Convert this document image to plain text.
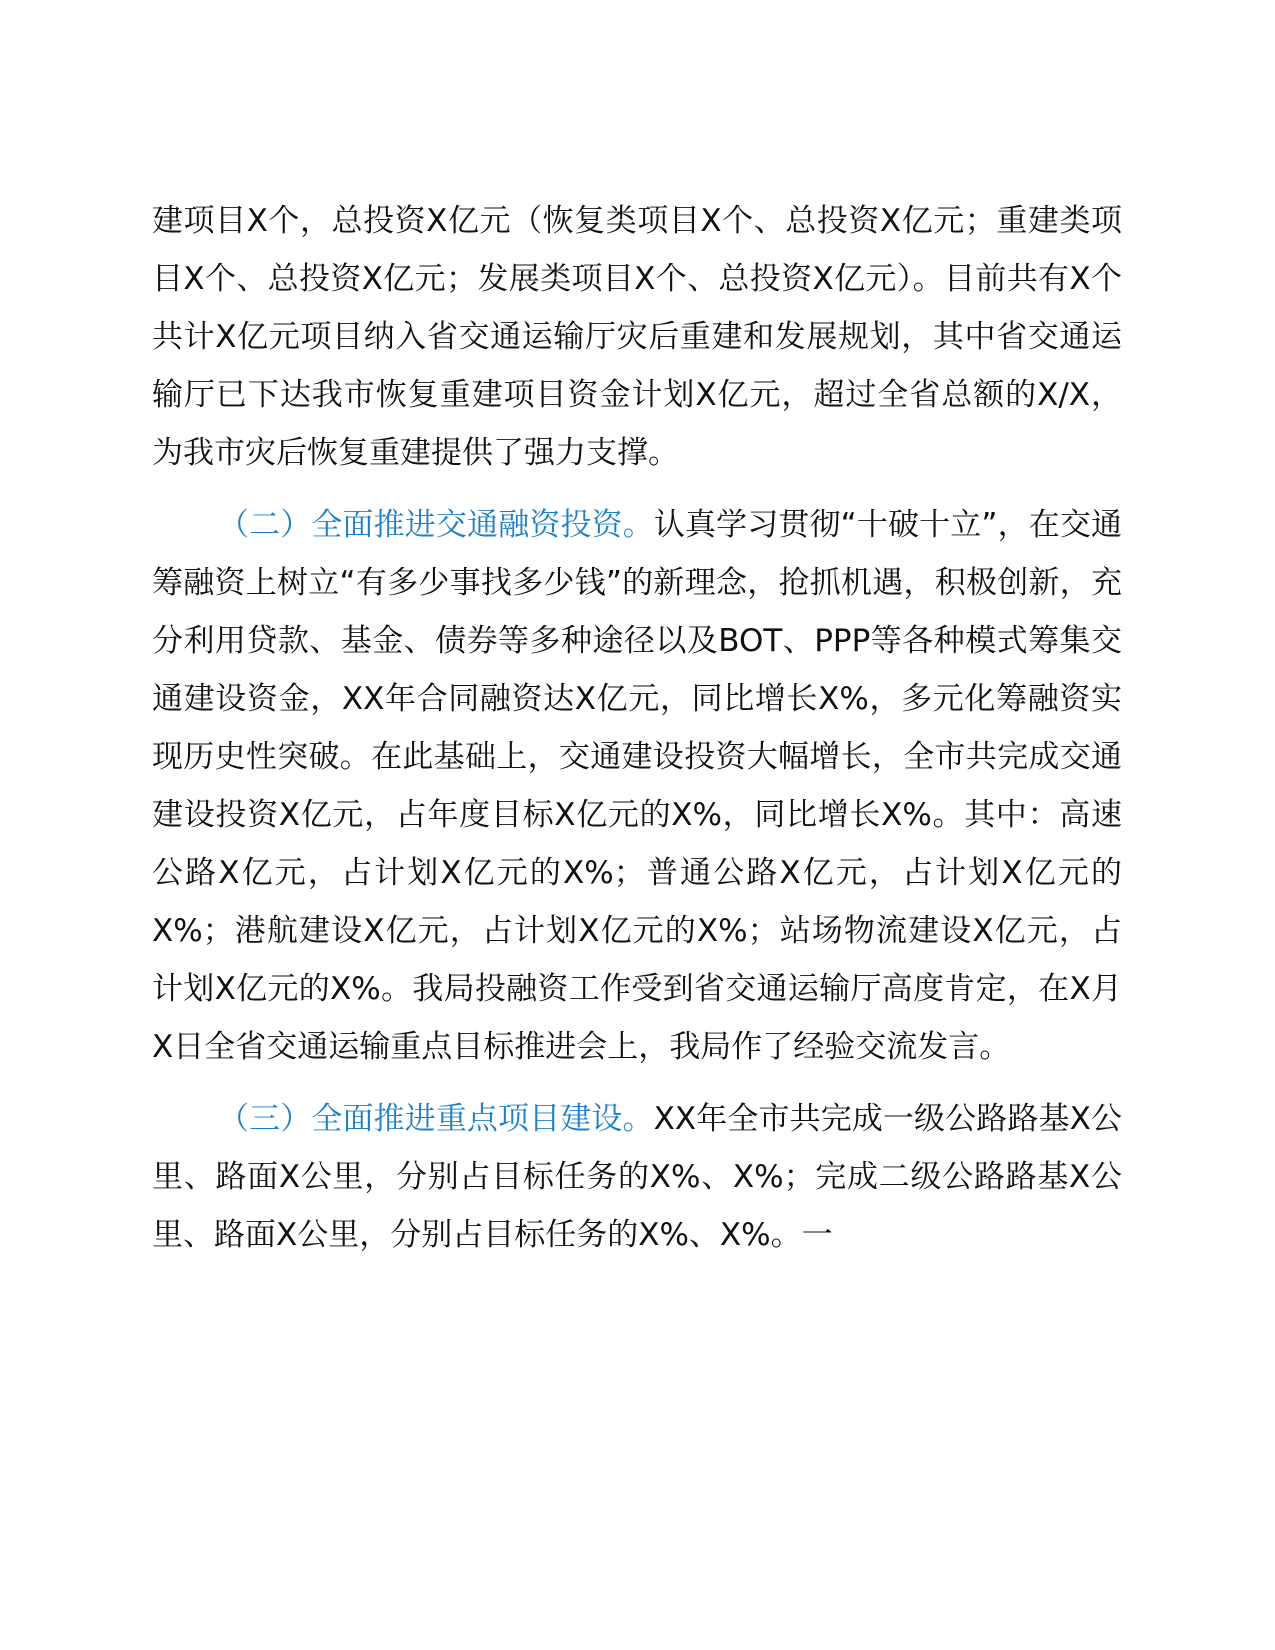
建项目X个，总投资X亿元（恢复类项目X个、总投资X亿元；重建类项目X个、总投资X亿元；发展类项目X个、总投资X亿元）。目前共有X个共计X亿元项目纳入省交通运输厅灾后重建和发展规划，其中省交通运输厅已下达我市恢复重建项目资金计划X亿元，超过全省总额的X/X，为我市灾后恢复重建提供了强力支撑。

（二）全面推进交通融资投资。认真学习贯彻“十破十立”，在交通筹融资上树立“有多少事找多少钱”的新理念，抢抓机遇，积极创新，充分利用贷款、基金、债券等多种途径以及BOT、PPP等各种模式筹集交通建设资金，XX年合同融资达X亿元，同比增长X%，多元化筹融资实现历史性突破。在此基础上，交通建设投资大幅增长，全市共完成交通建设投资X亿元，占年度目标X亿元的X%，同比增长X%。其中：高速公路X亿元，占计划X亿元的X%；普通公路X亿元，占计划X亿元的X%；港航建设X亿元，占计划X亿元的X%；站场物流建设X亿元，占计划X亿元的X%。我局投融资工作受到省交通运输厅高度肯定，在X月X日全省交通运输重点目标推进会上，我局作了经验交流发言。

（三）全面推进重点项目建设。XX年全市共完成一级公路路基X公里、路面X公里，分别占目标任务的X%、X%；完成二级公路路基X公里、路面X公里，分别占目标任务的X%、X%。一
